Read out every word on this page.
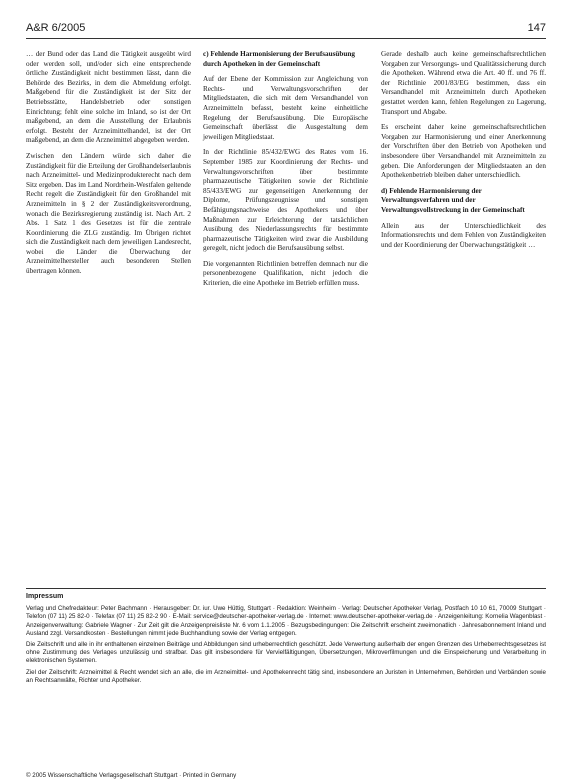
A&R 6/2005	147

… der Bund oder das Land die Tätigkeit ausgeübt wird oder werden soll, und/oder sich eine entsprechende örtliche Zuständigkeit nicht bestimmen lässt, dann die Behörde des Bezirks, in dem die Abmeldung erfolgt. Maßgebend für die Zuständigkeit ist der Sitz der Betriebsstätte, Handelsbetrieb oder sonstigen Einrichtung; fehlt eine solche im Inland, so ist der Ort maßgebend, an dem die Ausstellung der Erlaubnis erfolgt. Besteht der Arzneimittelhandel, ist der Ort maßgebend, an dem die Arzneimittel abgegeben werden.

Zwischen den Ländern würde sich daher die Zuständigkeit für die Erteilung der Großhandelserlaubnis nach Arzneimittel- und Medizinprodukterecht nach dem Sitz ergeben. Das im Land Nordrhein-Westfalen geltende Recht regelt die Zuständigkeit für den Großhandel mit Arzneimitteln in § 2 der Zuständigkeitsverordnung, wonach die Bezirksregierung zuständig ist. Nach Art. 2 Abs. 1 Satz 1 des Gesetzes ist für die zentrale Koordinierung die ZLG zuständig. Im Übrigen richtet sich die Zuständigkeit nach dem jeweiligen Landesrecht, wobei die Länder die Überwachung der Arzneimittelhersteller auch besonderen Stellen übertragen können.

c) Fehlende Harmonisierung der Berufsausübung durch Apotheken in der Gemeinschaft

Auf der Ebene der Kommission zur Angleichung von Rechts- und Verwaltungsvorschriften der Mitgliedstaaten, die sich mit dem Versandhandel von Arzneimitteln befasst, besteht keine einheitliche Regelung der Berufsausübung. Die Europäische Gemeinschaft überlässt die Ausgestaltung dem jeweiligen Mitgliedstaat.

In der Richtlinie 85/432/EWG des Rates vom 16. September 1985 zur Koordinierung der Rechts- und Verwaltungsvorschriften über bestimmte pharmazeutische Tätigkeiten sowie der Richtlinie 85/433/EWG zur gegenseitigen Anerkennung der Diplome, Prüfungszeugnisse und sonstigen Befähigungsnachweise des Apothekers und über Maßnahmen zur Erleichterung der tatsächlichen Ausübung des Niederlassungsrechts für bestimmte pharmazeutische Tätigkeiten wird zwar die Ausbildung geregelt, nicht jedoch die Berufsausübung selbst.

Die vorgenannten Richtlinien betreffen demnach nur die personenbezogene Qualifikation, nicht jedoch die Kriterien, die eine Apotheke im Betrieb erfüllen muss.

Gerade deshalb auch keine gemeinschaftsrechtlichen Vorgaben zur Versorgungs- und Qualitätssicherung durch die Apotheken. Während etwa die Art. 40 ff. und 76 ff. der Richtlinie 2001/83/EG bestimmen, dass ein Versandhandel mit Arzneimitteln durch Apotheken gestattet werden kann, fehlen Regelungen zu Lagerung, Transport und Abgabe.

Es erscheint daher keine gemeinschaftsrechtlichen Vorgaben zur Harmonisierung und einer Anerkennung der Vorschriften über den Betrieb von Apotheken und insbesondere über Versandhandel mit Arzneimitteln zu geben. Die Anforderungen der Mitgliedstaaten an den Apothekenbetrieb bleiben daher unterschiedlich.

d) Fehlende Harmonisierung der Verwaltungsverfahren und der Verwaltungsvollstreckung in der Gemeinschaft

Allein aus der Unterschiedlichkeit des Informationsrechts und dem Fehlen von Zuständigkeiten und der Koordinierung der Überwachungstätigkeit …

Impressum

Verlag und Chefredakteur: Peter Bachmann · Herausgeber: Dr. iur. Uwe Hüttig, Stuttgart · Redaktion: Weinheim · Verlag: Deutscher Apotheker Verlag, Postfach 10 10 61, 70009 Stuttgart · Telefon (07 11) 25 82-0 · Telefax (07 11) 25 82-2 90 · E-Mail: service@deutscher-apotheker-verlag.de · Internet: www.deutscher-apotheker-verlag.de · Anzeigenleitung: Kornelia Wagenblast · Anzeigenverwaltung: Gabriele Wagner · Zur Zeit gilt die Anzeigenpreisliste Nr. 6 vom 1.1.2005 · Bezugsbedingungen: Die Zeitschrift erscheint zweimonatlich · Jahresabonnement Inland und Ausland zzgl. Versandkosten · Bestellungen nimmt jede Buchhandlung sowie der Verlag entgegen.

Die Zeitschrift und alle in ihr enthaltenen einzelnen Beiträge und Abbildungen sind urheberrechtlich geschützt. Jede Verwertung außerhalb der engen Grenzen des Urheberrechtsgesetzes ist ohne Zustimmung des Verlages unzulässig und strafbar. Das gilt insbesondere für Vervielfältigungen, Übersetzungen, Mikroverfilmungen und die Einspeicherung und Verarbeitung in elektronischen Systemen.

Ziel der Zeitschrift: Arzneimittel & Recht wendet sich an alle, die im Arzneimittel- und Apothekenrecht tätig sind, insbesondere an Juristen in Unternehmen, Behörden und Verbänden sowie an Rechtsanwälte, Richter und Apotheker.

© 2005 Wissenschaftliche Verlagsgesellschaft Stuttgart · Printed in Germany
